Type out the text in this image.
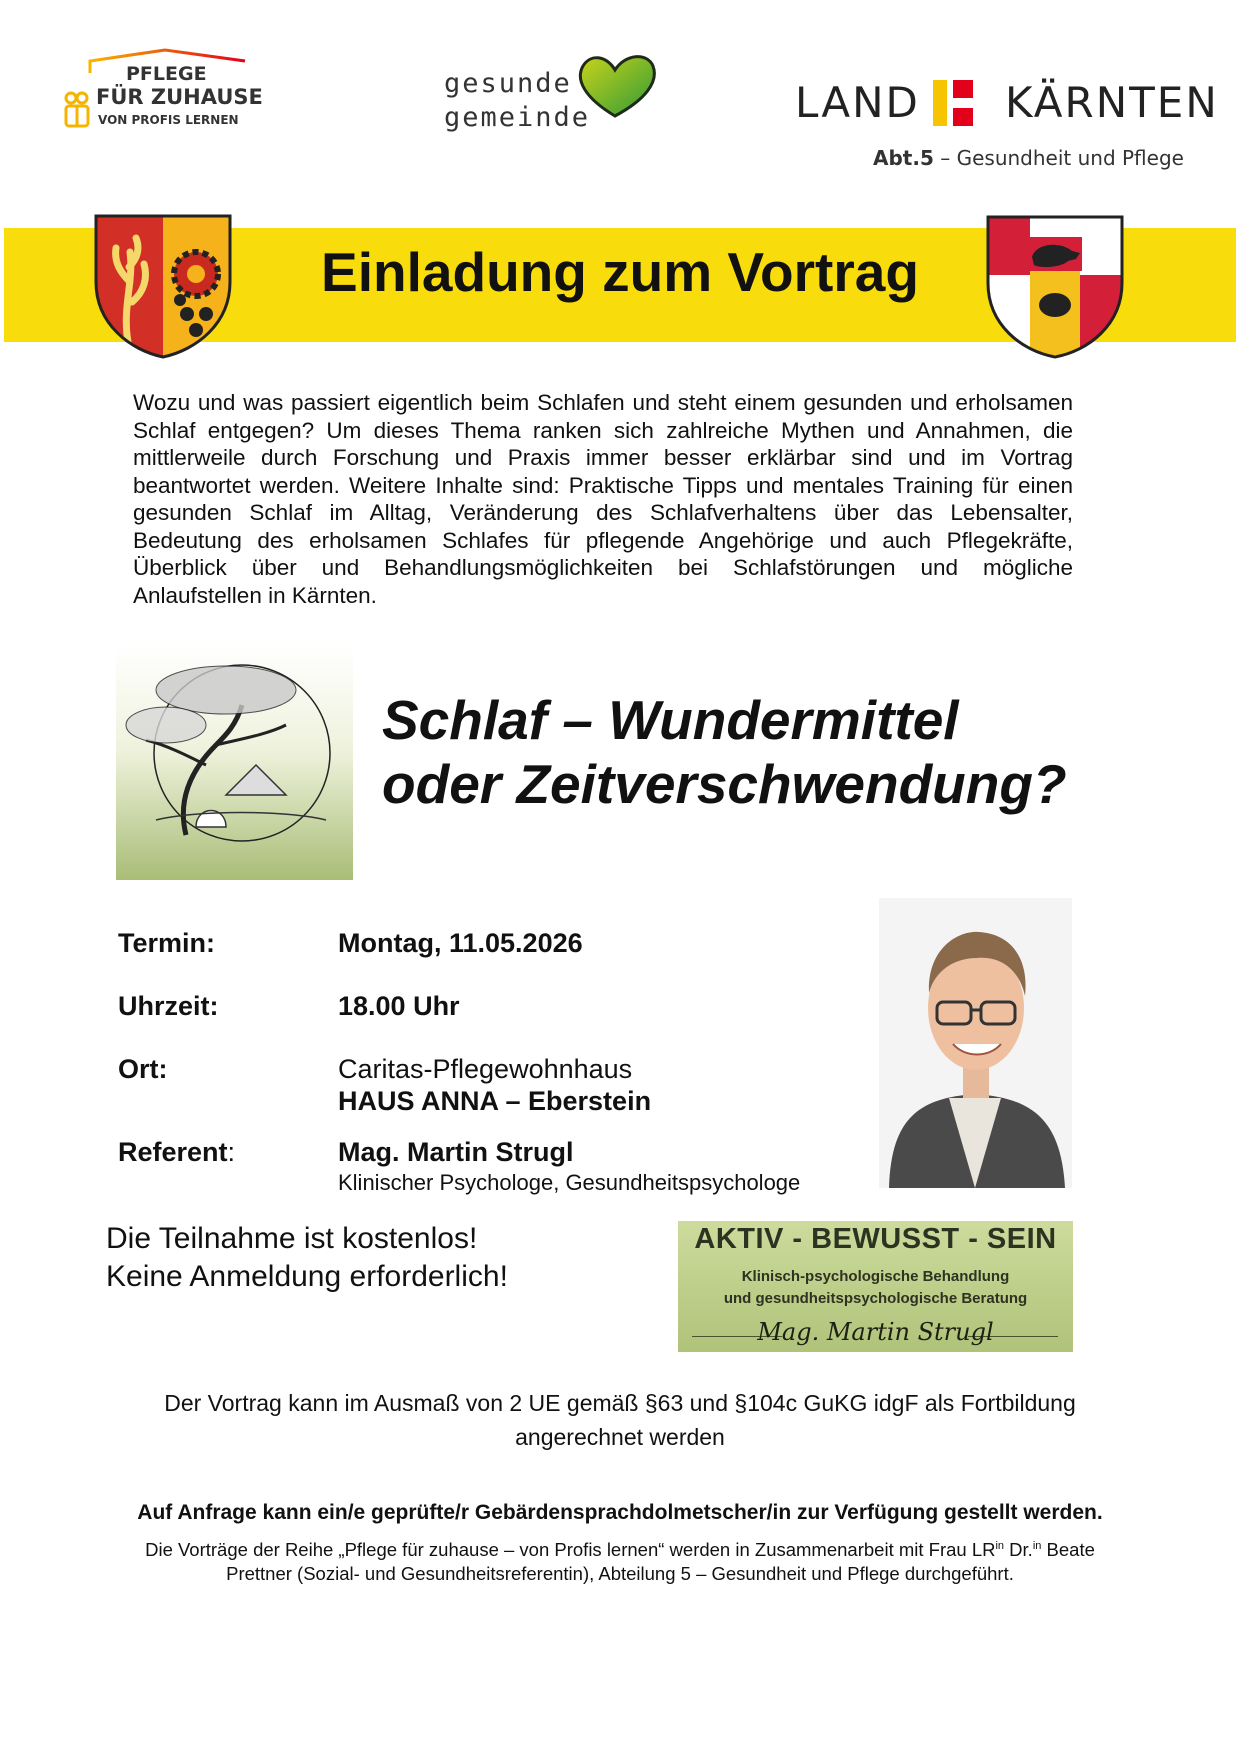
PFLEGE
FÜR ZUHAUSE
VON PROFIS LERNEN
gesunde
gemeinde	LAND KÄRNTEN
Abt.5 – Gesundheit und Pflege
Einladung zum Vortrag
Wozu und was passiert eigentlich beim Schlafen und steht einem gesunden und erholsamen Schlaf entgegen? Um dieses Thema ranken sich zahlreiche Mythen und Annahmen, die mittlerweile durch Forschung und Praxis immer besser erklärbar sind und im Vortrag beantwortet werden. Weitere Inhalte sind: Praktische Tipps und mentales Training für einen gesunden Schlaf im Alltag, Veränderung des Schlafverhaltens über das Lebensalter, Bedeutung des erholsamen Schlafes für pflegende Angehörige und auch Pflegekräfte, Überblick über und Behandlungsmöglichkeiten bei Schlafstörungen und mögliche Anlaufstellen in Kärnten.
Schlaf – Wundermittel
oder Zeitverschwendung?
Termin:	Montag, 11.05.2026
Uhrzeit:	18.00 Uhr
Ort:	Caritas-Pflegewohnhaus
HAUS ANNA – Eberstein
Referent:	Mag. Martin Strugl
Klinischer Psychologe, Gesundheitspsychologe
Die Teilnahme ist kostenlos!
Keine Anmeldung erforderlich!
AKTIV - BEWUSST - SEIN
Klinisch-psychologische Behandlung
und gesundheitspsychologische Beratung
Mag. Martin Strugl
Der Vortrag kann im Ausmaß von 2 UE gemäß §63 und §104c GuKG idgF als Fortbildung
angerechnet werden
Auf Anfrage kann ein/e geprüfte/r Gebärdensprachdolmetscher/in zur Verfügung gestellt werden.
Die Vorträge der Reihe „Pflege für zuhause – von Profis lernen“ werden in Zusammenarbeit mit Frau $LR^{in}$ Dr.$^{in}$ Beate
Prettner (Sozial- und Gesundheitsreferentin), Abteilung 5 – Gesundheit und Pflege durchgeführt.
